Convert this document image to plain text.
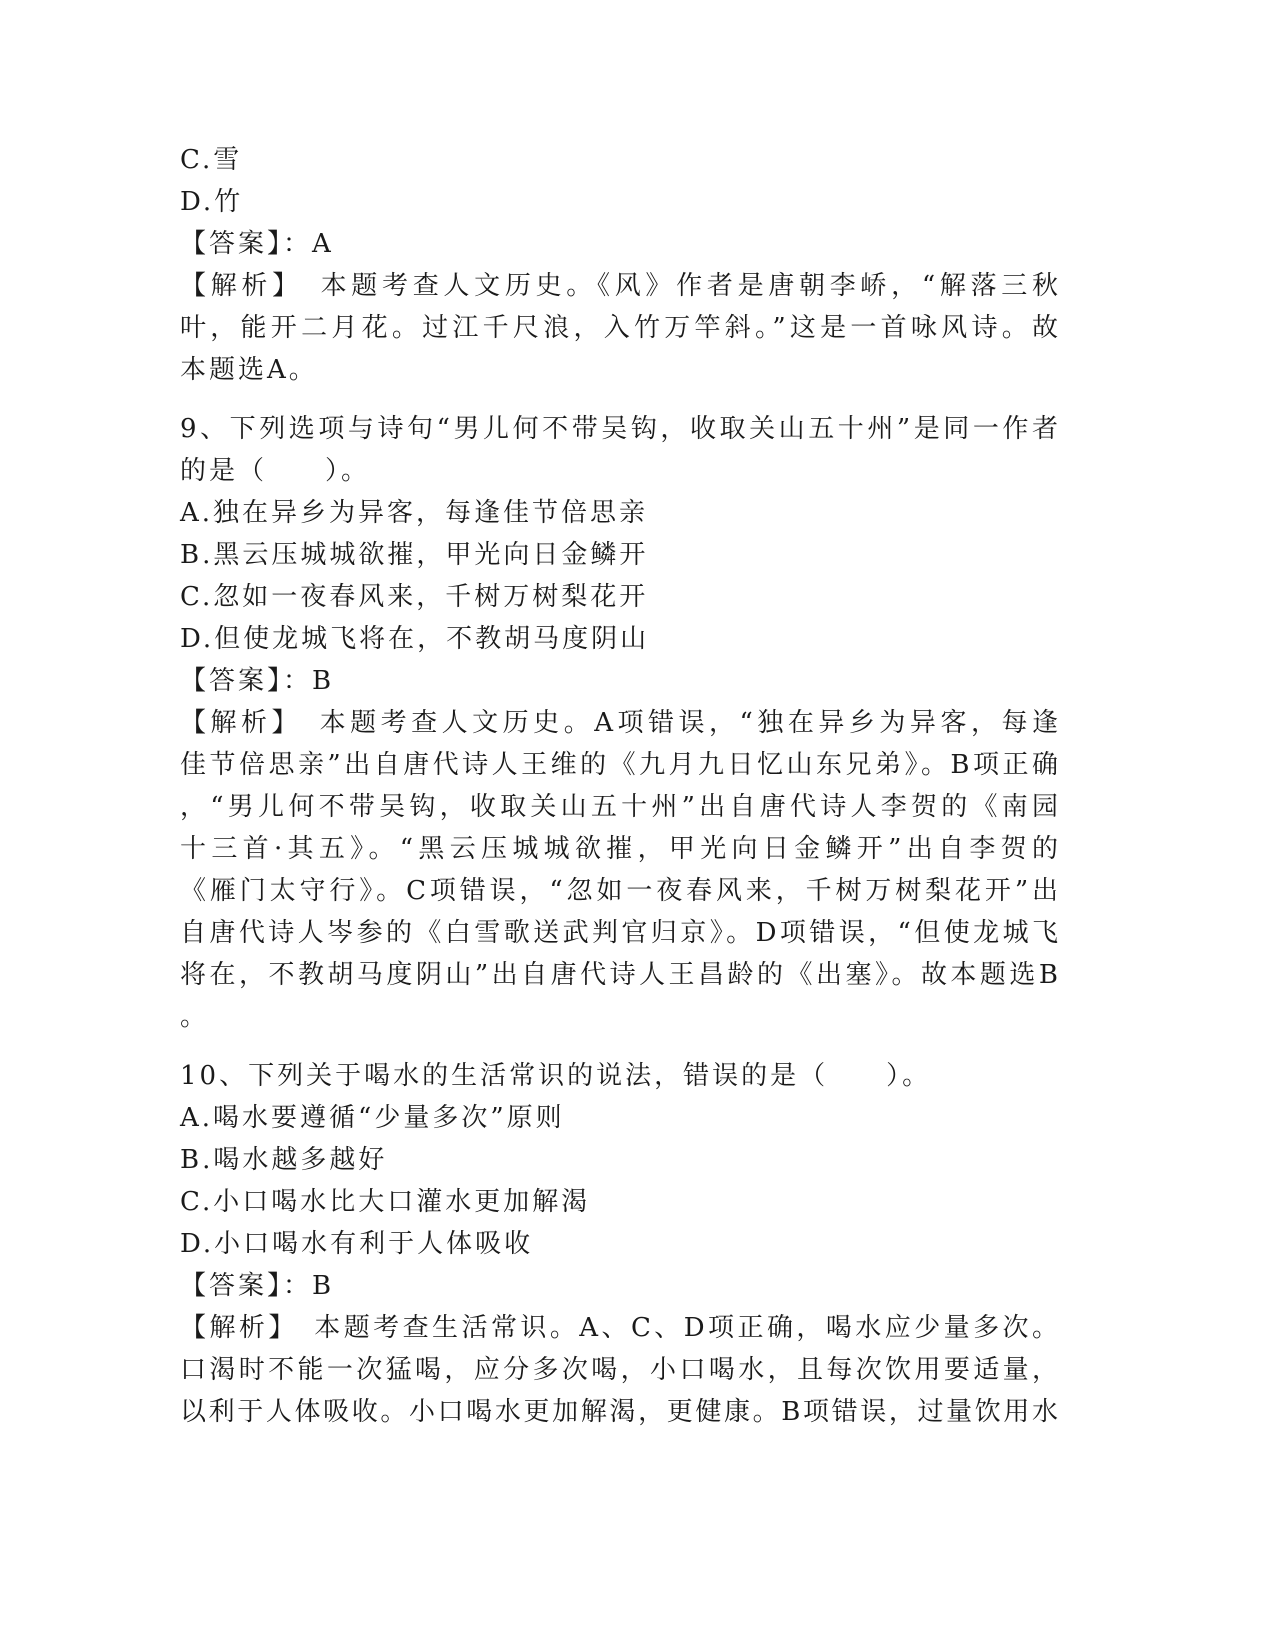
C.雪
D.竹
【答案】：A
【解析】　本题考查人文历史。《风》作者是唐朝李峤，“解落三秋
叶，能开二月花。过江千尺浪，入竹万竿斜。”这是一首咏风诗。故
本题选A。
9、下列选项与诗句“男儿何不带吴钩，收取关山五十州”是同一作者
的是（　　）。
A.独在异乡为异客，每逢佳节倍思亲
B.黑云压城城欲摧，甲光向日金鳞开
C.忽如一夜春风来，千树万树梨花开
D.但使龙城飞将在，不教胡马度阴山
【答案】：B
【解析】　本题考查人文历史。A项错误，“独在异乡为异客，每逢
佳节倍思亲”出自唐代诗人王维的《九月九日忆山东兄弟》。B项正确
，“男儿何不带吴钩，收取关山五十州”出自唐代诗人李贺的《南园
十三首·其五》。“黑云压城城欲摧，甲光向日金鳞开”出自李贺的
《雁门太守行》。C项错误，“忽如一夜春风来，千树万树梨花开”出
自唐代诗人岑参的《白雪歌送武判官归京》。D项错误，“但使龙城飞
将在，不教胡马度阴山”出自唐代诗人王昌龄的《出塞》。故本题选B
。
10、下列关于喝水的生活常识的说法，错误的是（　　）。
A.喝水要遵循“少量多次”原则
B.喝水越多越好
C.小口喝水比大口灌水更加解渴
D.小口喝水有利于人体吸收
【答案】：B
【解析】　本题考查生活常识。A、C、D项正确，喝水应少量多次。
口渴时不能一次猛喝，应分多次喝，小口喝水，且每次饮用要适量，
以利于人体吸收。小口喝水更加解渴，更健康。B项错误，过量饮用水
